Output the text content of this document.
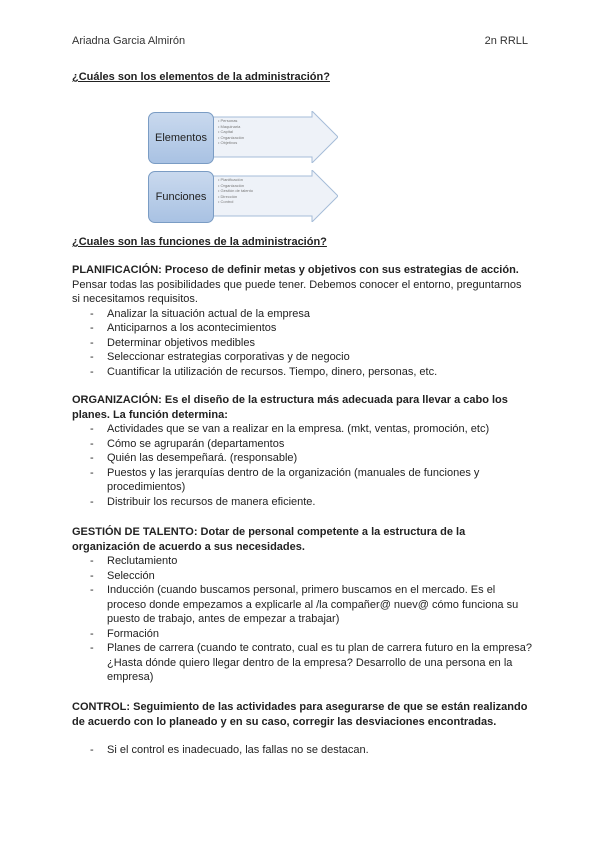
Ariadna Garcia Almirón	2n RRLL
¿Cuáles son los elementos de la administración?
Elementos
• Personas
• Maquinaria
• Capital
• Organización
• Objetivos
Funciones
• Planificación
• Organización
• Gestión de talento
• Dirección
• Control
¿Cuales son las funciones de la administración?

PLANIFICACIÓN: Proceso de definir metas y objetivos con sus estrategias de acción.

Pensar todas las posibilidades que puede tener. Debemos conocer el entorno, preguntarnos si necesitamos requisitos.

- Analizar la situación actual de la empresa
- Anticiparnos a los acontecimientos
- Determinar objetivos medibles
- Seleccionar estrategias corporativas y de negocio
- Cuantificar la utilización de recursos. Tiempo, dinero, personas, etc.

ORGANIZACIÓN: Es el diseño de la estructura más adecuada para llevar a cabo los planes. La función determina:

- Actividades que se van a realizar en la empresa. (mkt, ventas, promoción, etc)
- Cómo se agruparán (departamentos
- Quién las desempeñará. (responsable)
- Puestos y las jerarquías dentro de la organización (manuales de funciones y procedimientos)
- Distribuir los recursos de manera eficiente.

GESTIÓN DE TALENTO: Dotar de personal competente a la estructura de la organización de acuerdo a sus necesidades.

- Reclutamiento
- Selección
- Inducción (cuando buscamos personal, primero buscamos en el mercado. Es el proceso donde empezamos a explicarle al /la compañer@ nuev@ cómo funciona su puesto de trabajo, antes de empezar a trabajar)
- Formación
- Planes de carrera (cuando te contrato, cual es tu plan de carrera futuro en la empresa? ¿Hasta dónde quiero llegar dentro de la empresa? Desarrollo de una persona en la empresa)

CONTROL: Seguimiento de las actividades para asegurarse de que se están realizando de acuerdo con lo planeado y en su caso, corregir las desviaciones encontradas.

- Si el control es inadecuado, las fallas no se destacan.
